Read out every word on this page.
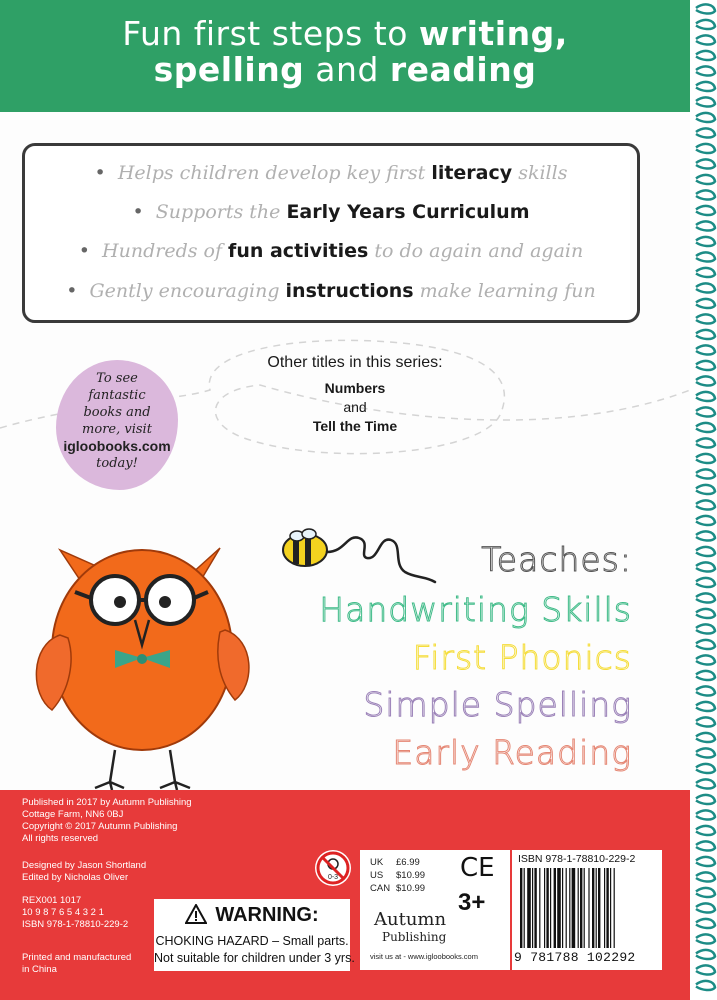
Fun first steps to writing,
spelling and reading
•  Helps children develop key first literacy skills
•  Supports the Early Years Curriculum
•  Hundreds of fun activities to do again and again
•  Gently encouraging instructions make learning fun
To see
fantastic
books and
more, visit
igloobooks.com
today!
Other titles in this series:
Numbers
and
Tell the Time
Teaches:
Handwriting Skills
First Phonics
Simple Spelling
Early Reading
Published in 2017 by Autumn Publishing
Cottage Farm, NN6 0BJ
Copyright © 2017 Autumn Publishing
All rights reserved
Designed by Jason Shortland
Edited by Nicholas Oliver
REX001 1017
10 9 8 7 6 5 4 3 2 1
ISBN 978-1-78810-229-2
Printed and manufactured
in China
WARNING:
CHOKING HAZARD – Small parts.
Not suitable for children under 3 yrs.
0-3
UK £6.99
US $10.99
CAN $10.99
CE
3+
Autumn
Publishing
visit us at - www.igloobooks.com
ISBN 978-1-78810-229-2
9 781788 102292
